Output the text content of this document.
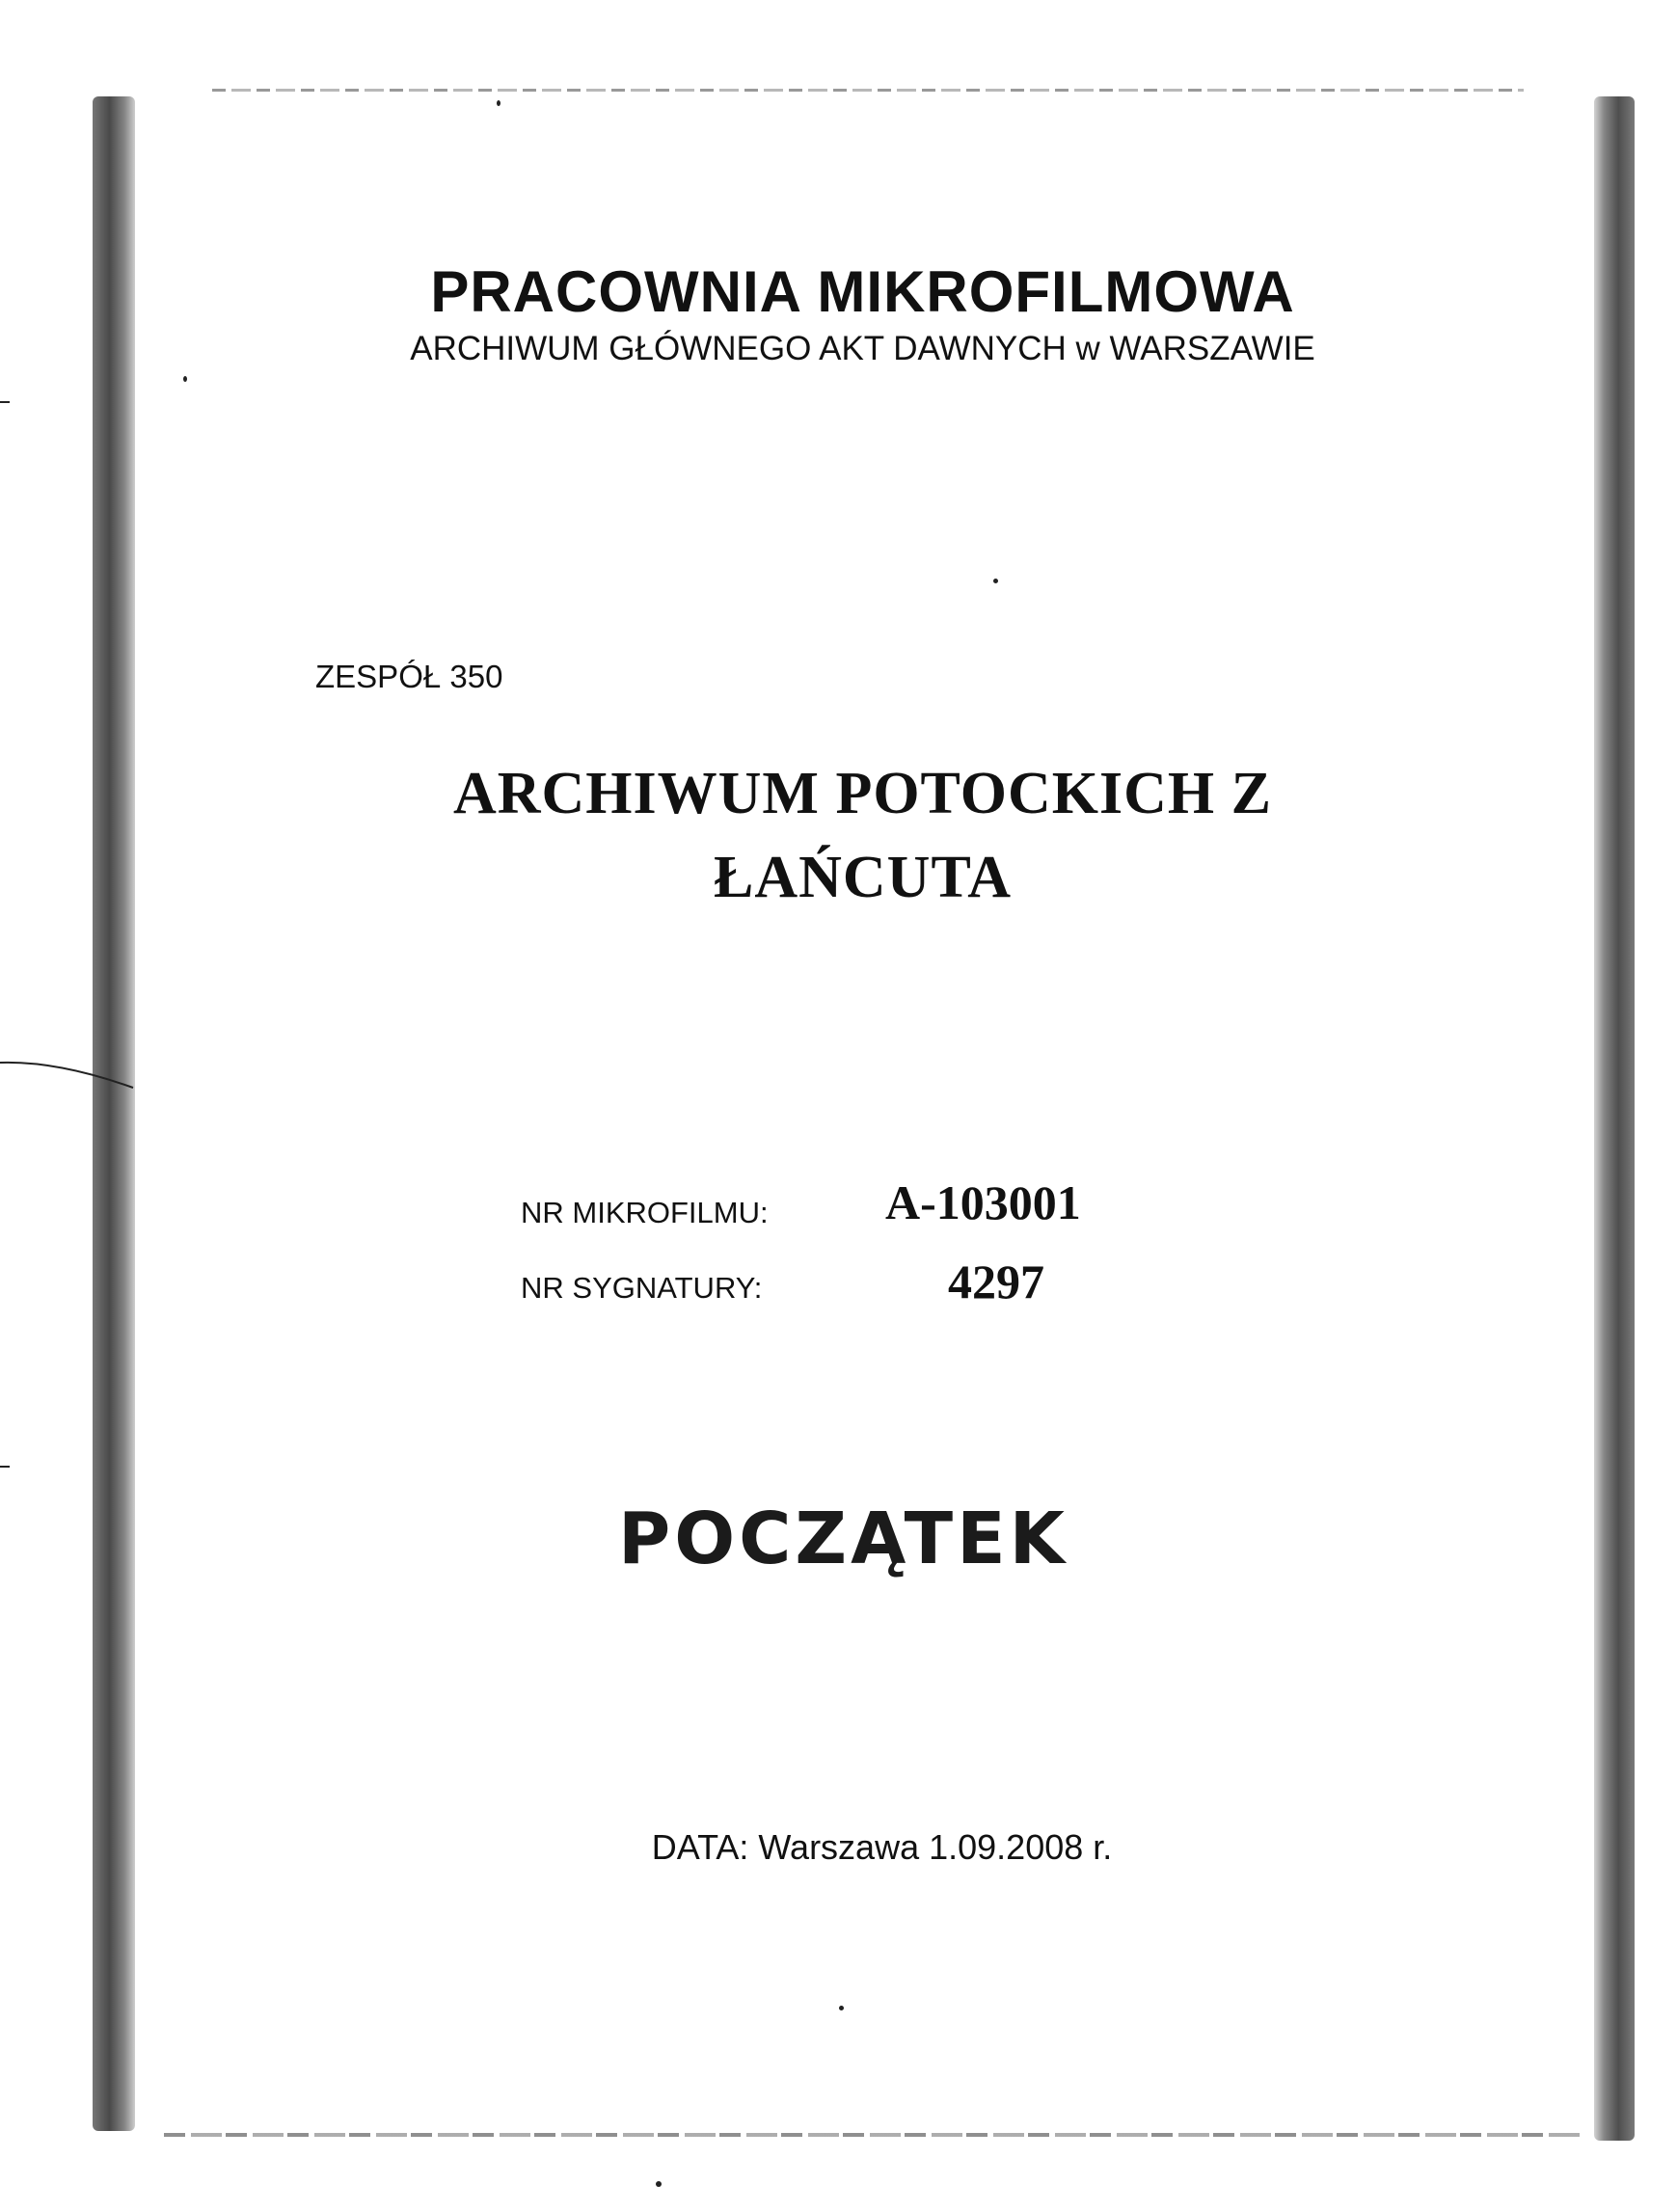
PRACOWNIA MIKROFILMOWA
ARCHIWUM GŁÓWNEGO AKT DAWNYCH w WARSZAWIE
ZESPÓŁ 350
ARCHIWUM POTOCKICH Z
ŁAŃCUTA
NR MIKROFILMU: A-103001
NR SYGNATURY:	4297
POCZĄTEK
DATA: Warszawa 1.09.2008 r.
